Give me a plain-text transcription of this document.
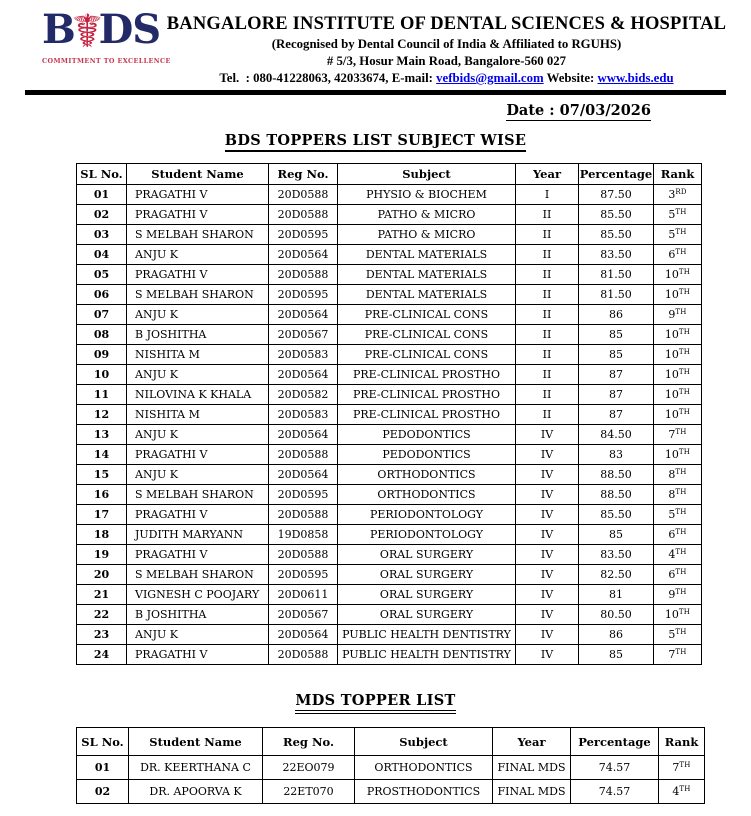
B☤DS
COMMITMENT TO EXCELLENCE
BANGALORE INSTITUTE OF DENTAL SCIENCES & HOSPITAL
(Recognised by Dental Council of India & Affiliated to RGUHS)
# 5/3, Hosur Main Road, Bangalore-560 027
Tel.  : 080-41228063, 42033674, E-mail: vefbids@gmail.com Website: www.bids.edu
Date : 07/03/2026
BDS TOPPERS LIST SUBJECT WISE
SL No.	Student Name	Reg No.	Subject	Year	Percentage	Rank
01	PRAGATHI V	20D0588	PHYSIO & BIOCHEM	I	87.50	3RD
02	PRAGATHI V	20D0588	PATHO & MICRO	II	85.50	5TH
03	S MELBAH SHARON	20D0595	PATHO & MICRO	II	85.50	5TH
04	ANJU K	20D0564	DENTAL MATERIALS	II	83.50	6TH
05	PRAGATHI V	20D0588	DENTAL MATERIALS	II	81.50	10TH
06	S MELBAH SHARON	20D0595	DENTAL MATERIALS	II	81.50	10TH
07	ANJU K	20D0564	PRE-CLINICAL CONS	II	86	9TH
08	B JOSHITHA	20D0567	PRE-CLINICAL CONS	II	85	10TH
09	NISHITA M	20D0583	PRE-CLINICAL CONS	II	85	10TH
10	ANJU K	20D0564	PRE-CLINICAL PROSTHO	II	87	10TH
11	NILOVINA K KHALA	20D0582	PRE-CLINICAL PROSTHO	II	87	10TH
12	NISHITA M	20D0583	PRE-CLINICAL PROSTHO	II	87	10TH
13	ANJU K	20D0564	PEDODONTICS	IV	84.50	7TH
14	PRAGATHI V	20D0588	PEDODONTICS	IV	83	10TH
15	ANJU K	20D0564	ORTHODONTICS	IV	88.50	8TH
16	S MELBAH SHARON	20D0595	ORTHODONTICS	IV	88.50	8TH
17	PRAGATHI V	20D0588	PERIODONTOLOGY	IV	85.50	5TH
18	JUDITH MARYANN	19D0858	PERIODONTOLOGY	IV	85	6TH
19	PRAGATHI V	20D0588	ORAL SURGERY	IV	83.50	4TH
20	S MELBAH SHARON	20D0595	ORAL SURGERY	IV	82.50	6TH
21	VIGNESH C POOJARY	20D0611	ORAL SURGERY	IV	81	9TH
22	B JOSHITHA	20D0567	ORAL SURGERY	IV	80.50	10TH
23	ANJU K	20D0564	PUBLIC HEALTH DENTISTRY	IV	86	5TH
24	PRAGATHI V	20D0588	PUBLIC HEALTH DENTISTRY	IV	85	7TH
MDS TOPPER LIST
SL No.	Student Name	Reg No.	Subject	Year	Percentage	Rank
01	DR. KEERTHANA C	22EO079	ORTHODONTICS	FINAL MDS	74.57	7TH
02	DR. APOORVA K	22ET070	PROSTHODONTICS	FINAL MDS	74.57	4TH
